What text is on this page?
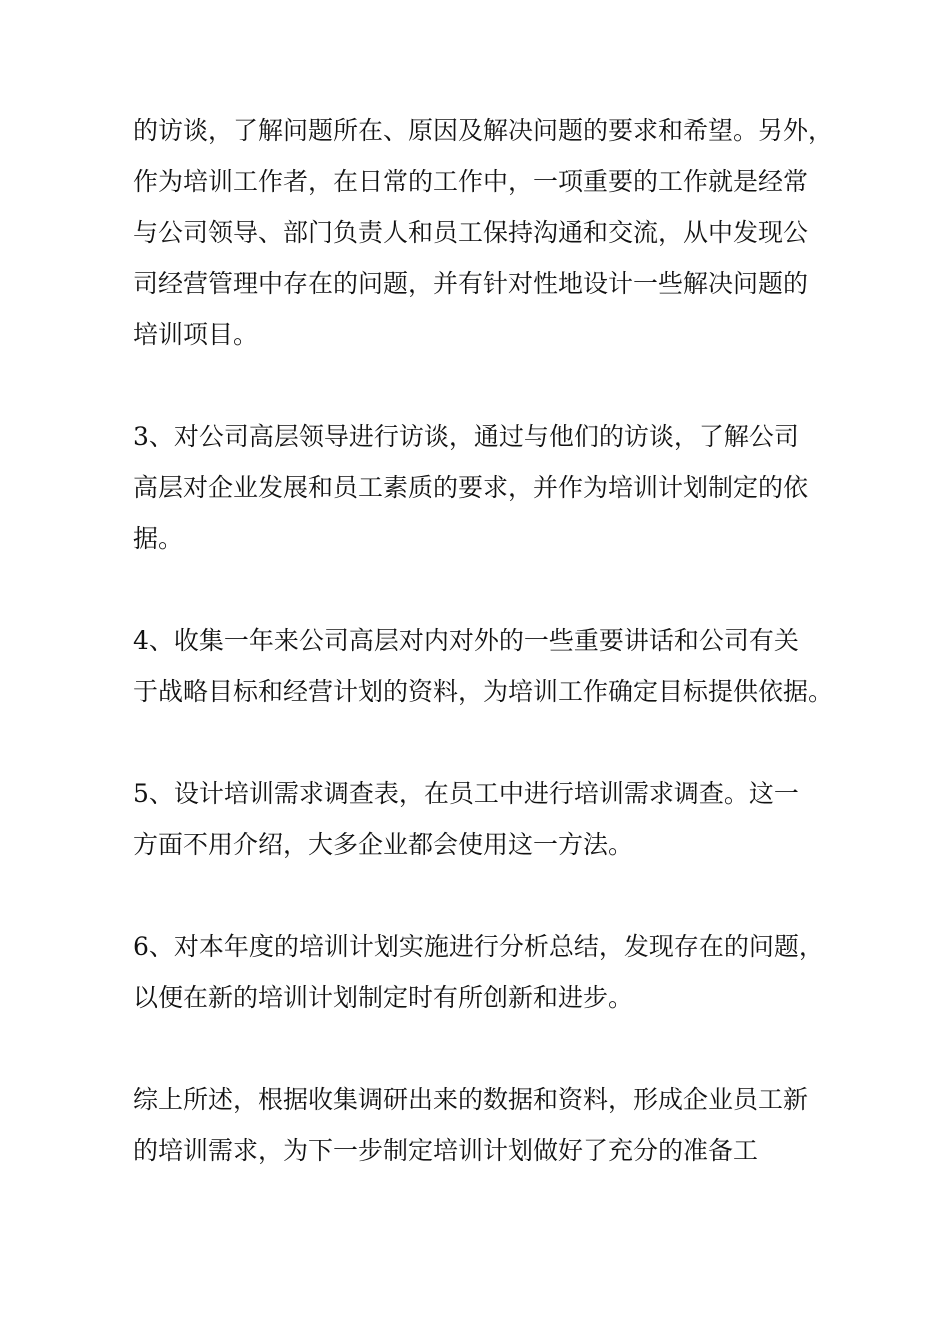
的访谈，了解问题所在、原因及解决问题的要求和希望。另外，
作为培训工作者，在日常的工作中，一项重要的工作就是经常
与公司领导、部门负责人和员工保持沟通和交流，从中发现公
司经营管理中存在的问题，并有针对性地设计一些解决问题的
培训项目。
3、对公司高层领导进行访谈，通过与他们的访谈，了解公司
高层对企业发展和员工素质的要求，并作为培训计划制定的依
据。
4、收集一年来公司高层对内对外的一些重要讲话和公司有关
于战略目标和经营计划的资料，为培训工作确定目标提供依据。
5、设计培训需求调查表，在员工中进行培训需求调查。这一
方面不用介绍，大多企业都会使用这一方法。
6、对本年度的培训计划实施进行分析总结，发现存在的问题，
以便在新的培训计划制定时有所创新和进步。
综上所述，根据收集调研出来的数据和资料，形成企业员工新
的培训需求，为下一步制定培训计划做好了充分的准备工
